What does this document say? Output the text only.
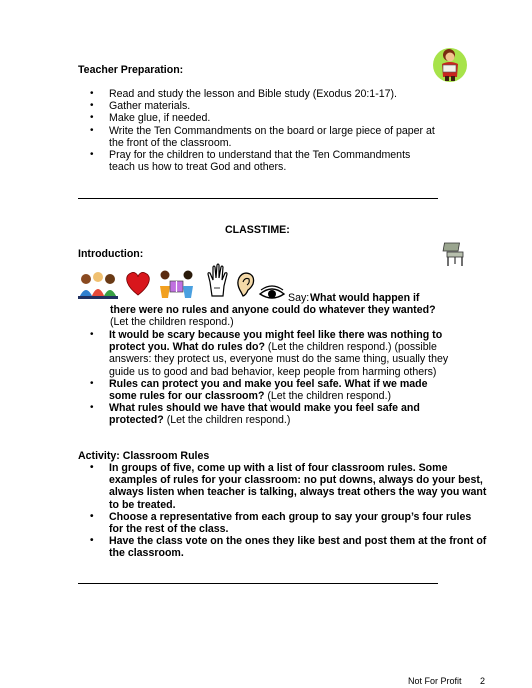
Teacher Preparation:
• Read and study the lesson and Bible study (Exodus 20:1-17).
• Gather materials.
• Make glue, if needed.
• Write the Ten Commandments on the board or large piece of paper at the front of the classroom.
• Pray for the children to understand that the Ten Commandments teach us how to treat God and others.
CLASSTIME:
Introduction:
Say: What would happen if there were no rules and anyone could do whatever they wanted? (Let the children respond.)
• It would be scary because you might feel like there was nothing to protect you. What do rules do? (Let the children respond.) (possible answers: they protect us, everyone must do the same thing, usually they guide us to good and bad behavior, keep people from harming others)
• Rules can protect you and make you feel safe. What if we made some rules for our classroom? (Let the children respond.)
• What rules should we have that would make you feel safe and protected? (Let the children respond.)
Activity: Classroom Rules
• In groups of five, come up with a list of four classroom rules. Some examples of rules for your classroom: no put downs, always do your best, always listen when teacher is talking, always treat others the way you want to be treated.
• Choose a representative from each group to say your group’s four rules for the rest of the class.
• Have the class vote on the ones they like best and post them at the front of the classroom.
Not For Profit 2
